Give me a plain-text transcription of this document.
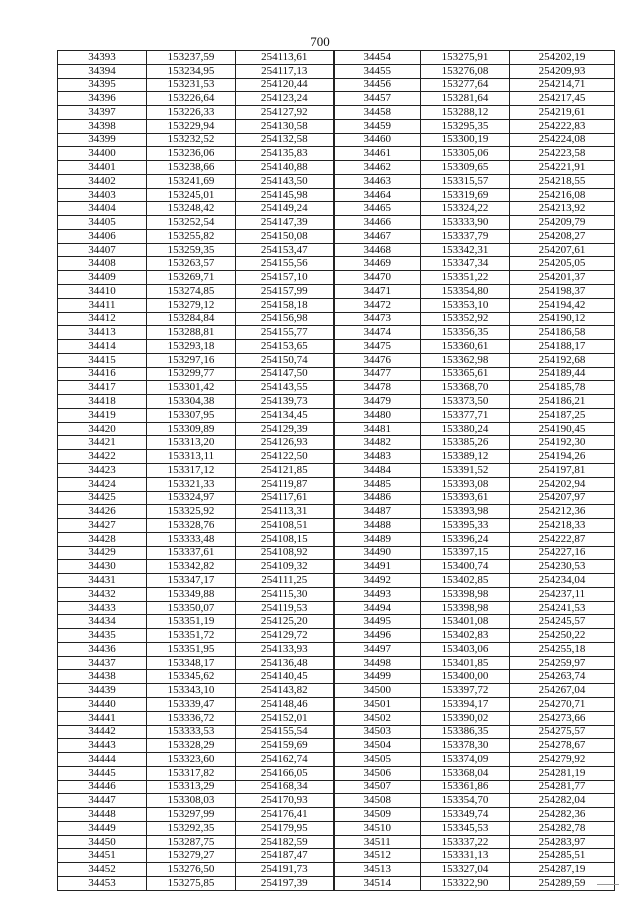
700
34393	153237,59	254113,61	34454	153275,91	254202,19
34394	153234,95	254117,13	34455	153276,08	254209,93
34395	153231,53	254120,44	34456	153277,64	254214,71
34396	153226,64	254123,24	34457	153281,64	254217,45
34397	153226,33	254127,92	34458	153288,12	254219,61
34398	153229,94	254130,58	34459	153295,35	254222,83
34399	153232,52	254132,58	34460	153300,19	254224,08
34400	153236,06	254135,83	34461	153305,06	254223,58
34401	153238,66	254140,88	34462	153309,65	254221,91
34402	153241,69	254143,50	34463	153315,57	254218,55
34403	153245,01	254145,98	34464	153319,69	254216,08
34404	153248,42	254149,24	34465	153324,22	254213,92
34405	153252,54	254147,39	34466	153333,90	254209,79
34406	153255,82	254150,08	34467	153337,79	254208,27
34407	153259,35	254153,47	34468	153342,31	254207,61
34408	153263,57	254155,56	34469	153347,34	254205,05
34409	153269,71	254157,10	34470	153351,22	254201,37
34410	153274,85	254157,99	34471	153354,80	254198,37
34411	153279,12	254158,18	34472	153353,10	254194,42
34412	153284,84	254156,98	34473	153352,92	254190,12
34413	153288,81	254155,77	34474	153356,35	254186,58
34414	153293,18	254153,65	34475	153360,61	254188,17
34415	153297,16	254150,74	34476	153362,98	254192,68
34416	153299,77	254147,50	34477	153365,61	254189,44
34417	153301,42	254143,55	34478	153368,70	254185,78
34418	153304,38	254139,73	34479	153373,50	254186,21
34419	153307,95	254134,45	34480	153377,71	254187,25
34420	153309,89	254129,39	34481	153380,24	254190,45
34421	153313,20	254126,93	34482	153385,26	254192,30
34422	153313,11	254122,50	34483	153389,12	254194,26
34423	153317,12	254121,85	34484	153391,52	254197,81
34424	153321,33	254119,87	34485	153393,08	254202,94
34425	153324,97	254117,61	34486	153393,61	254207,97
34426	153325,92	254113,31	34487	153393,98	254212,36
34427	153328,76	254108,51	34488	153395,33	254218,33
34428	153333,48	254108,15	34489	153396,24	254222,87
34429	153337,61	254108,92	34490	153397,15	254227,16
34430	153342,82	254109,32	34491	153400,74	254230,53
34431	153347,17	254111,25	34492	153402,85	254234,04
34432	153349,88	254115,30	34493	153398,98	254237,11
34433	153350,07	254119,53	34494	153398,98	254241,53
34434	153351,19	254125,20	34495	153401,08	254245,57
34435	153351,72	254129,72	34496	153402,83	254250,22
34436	153351,95	254133,93	34497	153403,06	254255,18
34437	153348,17	254136,48	34498	153401,85	254259,97
34438	153345,62	254140,45	34499	153400,00	254263,74
34439	153343,10	254143,82	34500	153397,72	254267,04
34440	153339,47	254148,46	34501	153394,17	254270,71
34441	153336,72	254152,01	34502	153390,02	254273,66
34442	153333,53	254155,54	34503	153386,35	254275,57
34443	153328,29	254159,69	34504	153378,30	254278,67
34444	153323,60	254162,74	34505	153374,09	254279,92
34445	153317,82	254166,05	34506	153368,04	254281,19
34446	153313,29	254168,34	34507	153361,86	254281,77
34447	153308,03	254170,93	34508	153354,70	254282,04
34448	153297,99	254176,41	34509	153349,74	254282,36
34449	153292,35	254179,95	34510	153345,53	254282,78
34450	153287,75	254182,59	34511	153337,22	254283,97
34451	153279,27	254187,47	34512	153331,13	254285,51
34452	153276,50	254191,73	34513	153327,04	254287,19
34453	153275,85	254197,39	34514	153322,90	254289,59
